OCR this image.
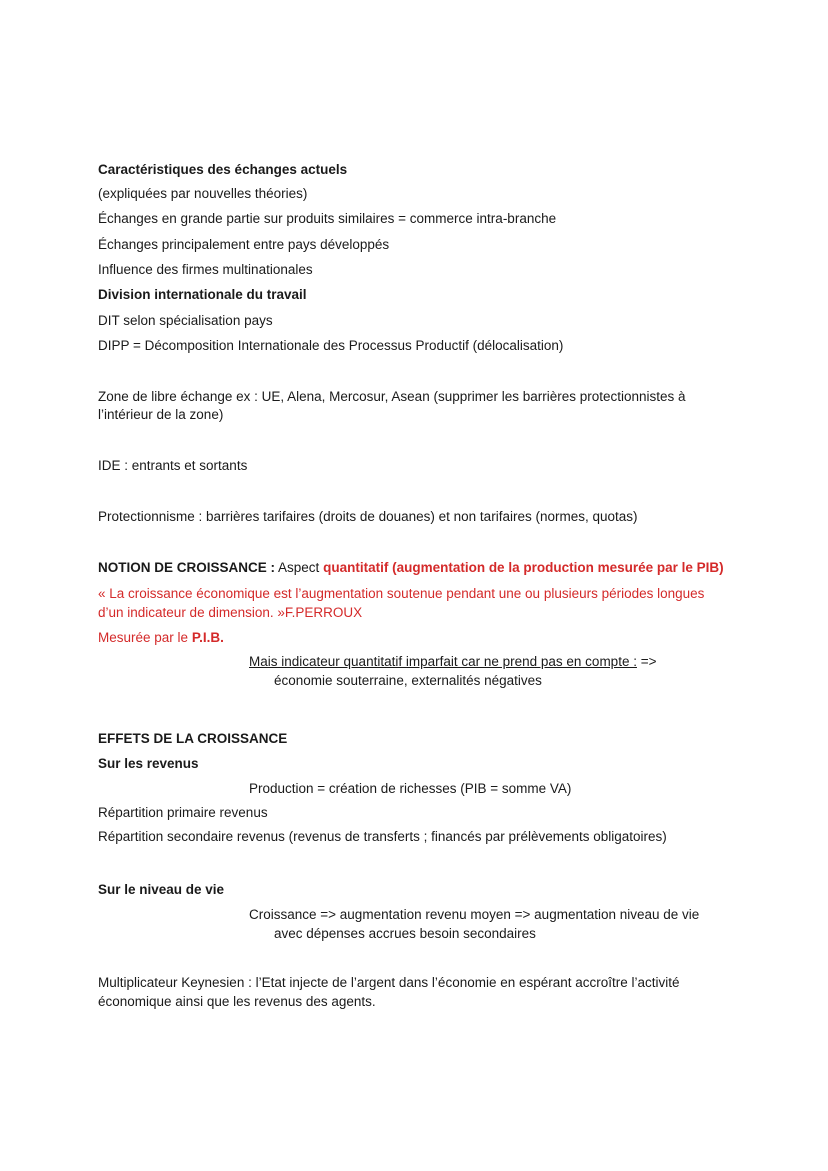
Caractéristiques des échanges actuels
(expliquées par nouvelles théories)
Échanges en grande partie sur produits similaires = commerce intra-branche
Échanges principalement entre pays développés
Influence des firmes multinationales
Division internationale du travail
DIT selon spécialisation pays
DIPP = Décomposition Internationale des Processus Productif (délocalisation)
Zone de libre échange ex : UE, Alena, Mercosur, Asean (supprimer les barrières protectionnistes à
l’intérieur de la zone)
IDE : entrants et sortants
Protectionnisme : barrières tarifaires (droits de douanes) et non tarifaires (normes, quotas)
NOTION DE CROISSANCE : Aspect quantitatif (augmentation de la production mesurée par le PIB)
« La croissance économique est l’augmentation soutenue pendant une ou plusieurs périodes longues
d’un indicateur de dimension. »F.PERROUX
Mesurée par le P.I.B.
Mais indicateur quantitatif imparfait car ne prend pas en compte : =>
économie souterraine, externalités négatives
EFFETS DE LA CROISSANCE
Sur les revenus
Production = création de richesses (PIB = somme VA)
Répartition primaire revenus
Répartition secondaire revenus (revenus de transferts ; financés par prélèvements obligatoires)
Sur le niveau de vie
Croissance => augmentation revenu moyen => augmentation niveau de vie
avec dépenses accrues besoin secondaires
Multiplicateur Keynesien : l’Etat injecte de l’argent dans l’économie en espérant accroître l’activité
économique ainsi que les revenus des agents.
